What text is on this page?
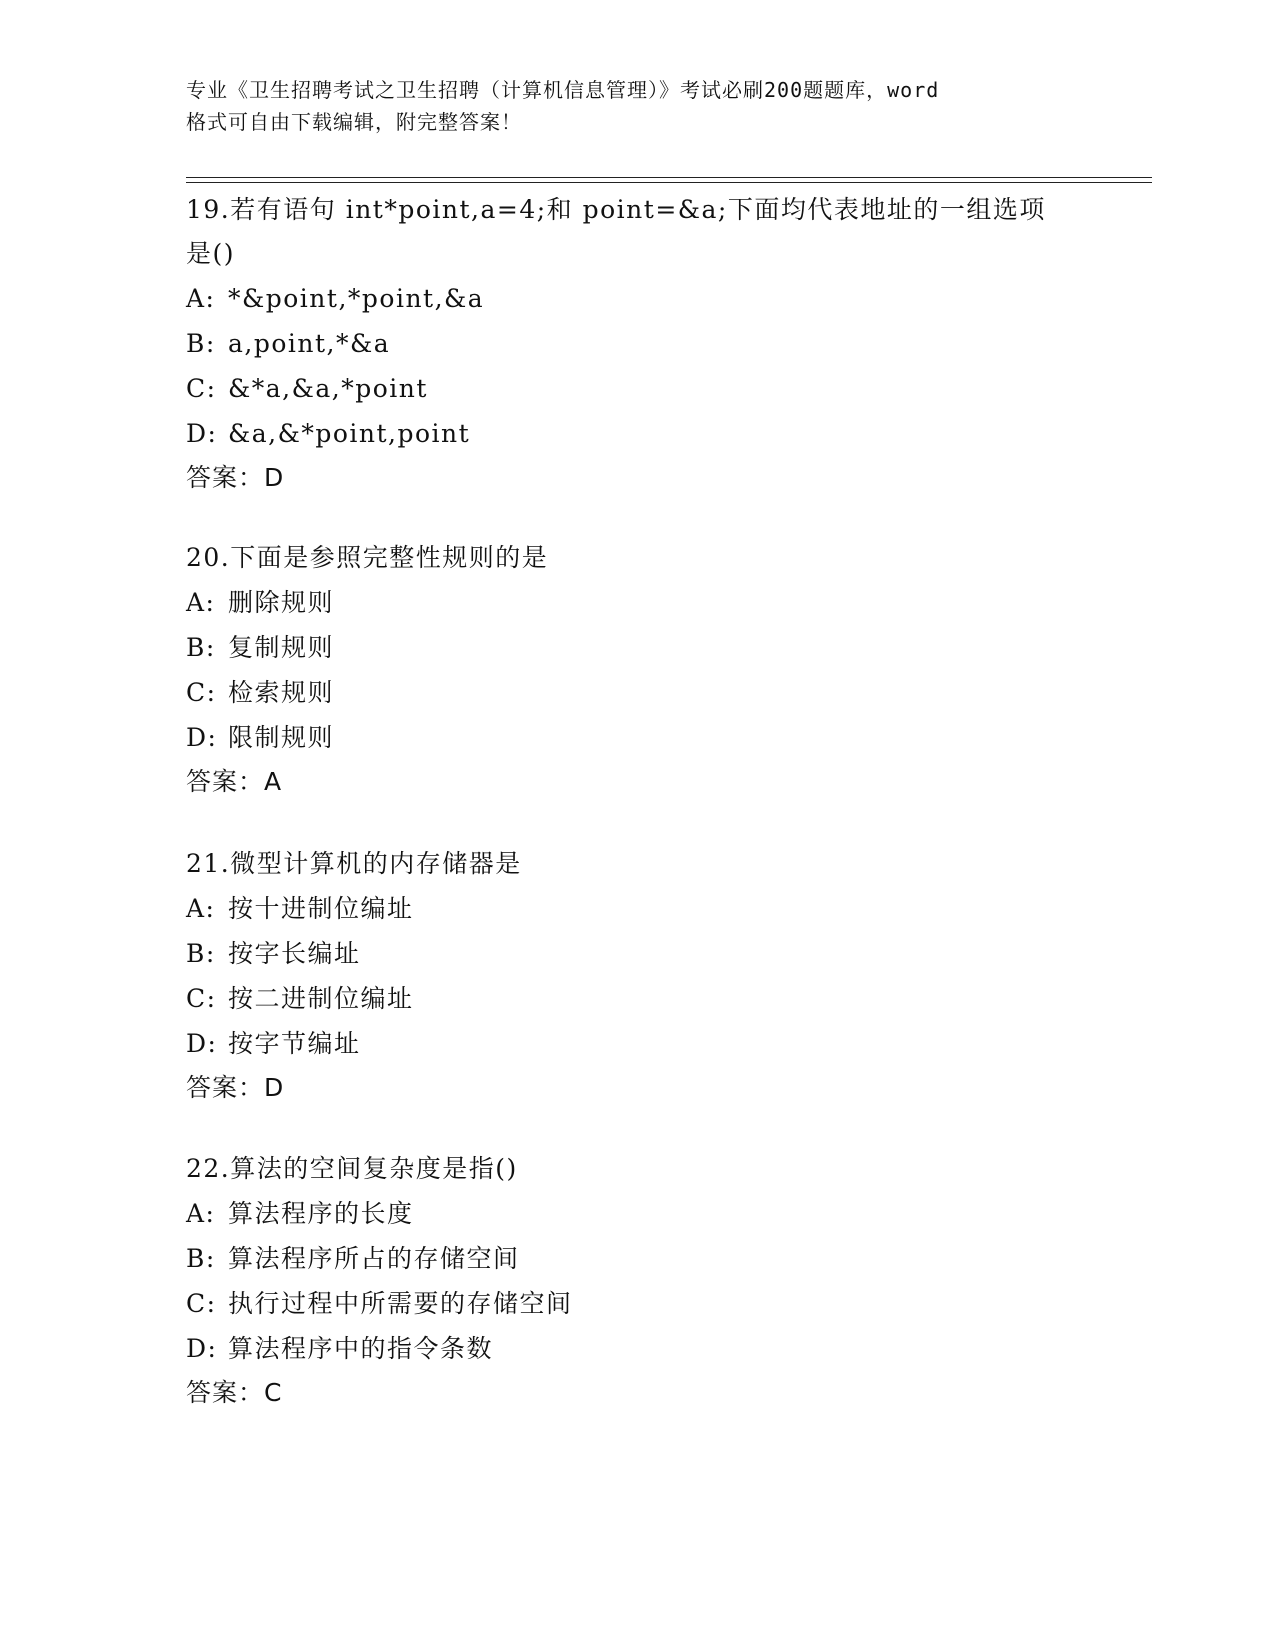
专业《卫生招聘考试之卫生招聘（计算机信息管理）》考试必刷200题题库，word
格式可自由下载编辑，附完整答案！
19.若有语句 int*point,a=4;和 point=&a;下面均代表地址的一组选项是()
A: *&point,*point,&a
B: a,point,*&a
C: &*a,&a,*point
D: &a,&*point,point
答案：D
20.下面是参照完整性规则的是
A: 删除规则
B: 复制规则
C: 检索规则
D: 限制规则
答案：A
21.微型计算机的内存储器是
A: 按十进制位编址
B: 按字长编址
C: 按二进制位编址
D: 按字节编址
答案：D
22.算法的空间复杂度是指()
A: 算法程序的长度
B: 算法程序所占的存储空间
C: 执行过程中所需要的存储空间
D: 算法程序中的指令条数
答案：C
